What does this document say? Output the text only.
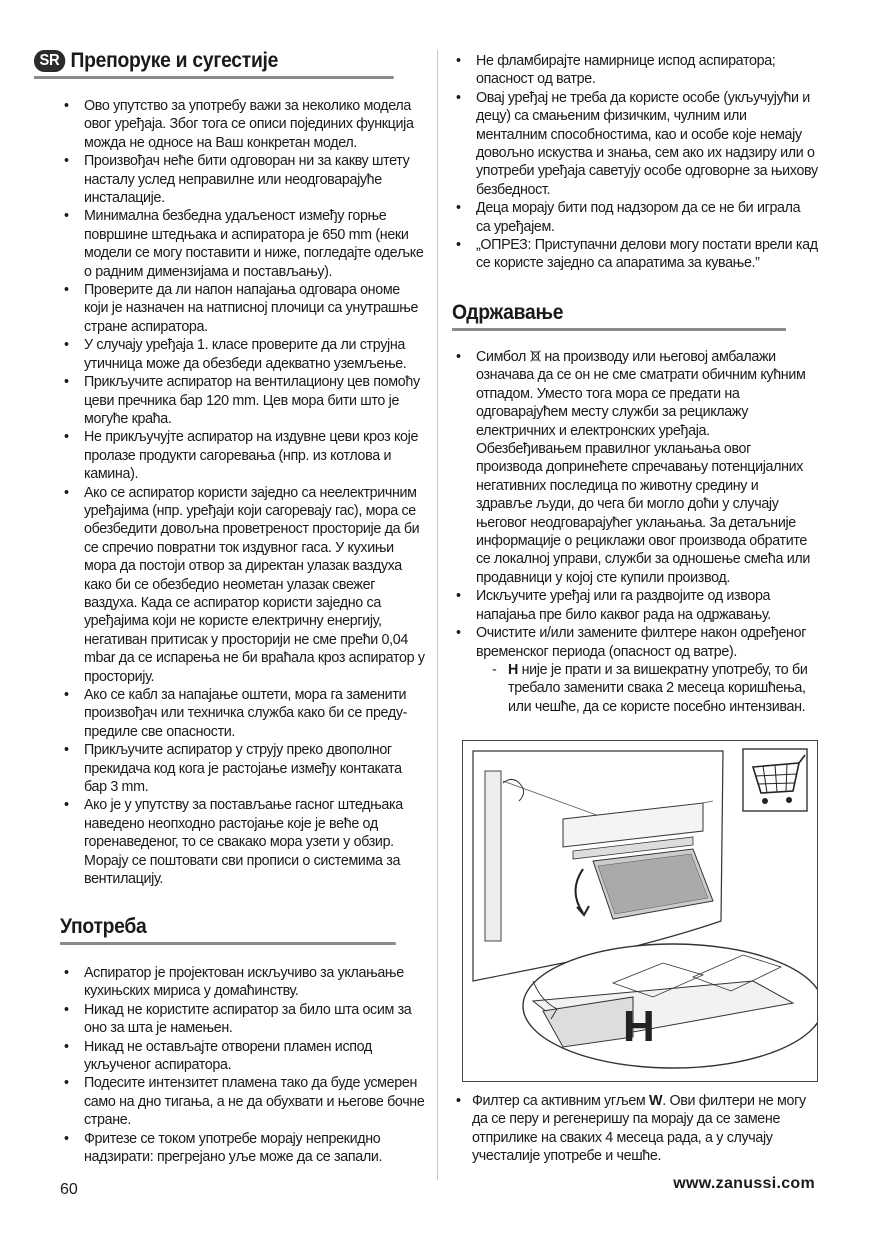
SR Препоруке и сугестије
• Ово упутство за употребу важи за неколико модела овог уређаја. Због тога се описи појединих функција можда не односе на Ваш конкретан модел.
• Произвођач неће бити одговоран ни за какву штету насталу услед неправилне или неодговарајуће инсталације.
• Минимална безбедна удаљеност између горње површине штедњака и аспиратора је 650 mm (неки модели се могу поставити и ниже, погледајте одељке о радним димензијама и постављању).
• Проверите да ли напон напајања одговара ономе који је назначен на натписној плочици са унутрашње стране аспиратора.
• У случају уређаја 1. класе проверите да ли струјна утичница може да обезбеди адекватно уземљење.
• Прикључите аспиратор на вентилациону цев помоћу цеви пречника бар 120 mm. Цев мора бити што је могуће краћа.
• Не прикључујте аспиратор на издувне цеви кроз које пролазе продукти сагоревања (нпр. из котлова и камина).
• Ако се аспиратор користи заједно са неелектричним уређајима (нпр. уређаји који сагоревају гас), мора се обезбедити довољна проветреност просторије да би се спречио повратни ток издувног гаса. У кухињи мора да постоји отвор за директан улазак ваздуха како би се обезбедио неометан улазак свежег ваздуха. Када се аспиратор користи заједно са уређајима који не користе електричну енергију, негативан притисак у просторији не сме прећи 0,04 mbar да се испарења не би враћала кроз аспиратор у просторију.
• Ако се кабл за напајање оштети, мора га заменити произвођач или техничка служба како би се преду-предиле све опасности.
• Прикључите аспиратор у струју преко двополног прекидача код кога је растојање између контаката бар 3 mm.
• Ако је у упутству за постављање гасног штедњака наведено неопходно растојање које је веће од горенаведеног, то се свакако мора узети у обзир. Морају се поштовати сви прописи о системима за вентилацију.
Употреба
• Аспиратор је пројектован искључиво за уклањање кухињских мириса у домаћинству.
• Никад не користите аспиратор за било шта осим за оно за шта је намењен.
• Никад не остављајте отворени пламен испод укљученог аспиратора.
• Подесите интензитет пламена тако да буде усмерен само на дно тигања, а не да обухвати и његове бочне стране.
• Фритезе се током употребе морају непрекидно надзирати: прегрејано уље може да се запали.
• Не фламбирајте намирнице испод аспиратора; опасност од ватре.
• Овај уређај не треба да користе особе (укључујући и децу) са смањеним физичким, чулним или менталним способностима, као и особе које немају довољно искуства и знања, сем ако их надзиру или о употреби уређаја саветују особе одговорне за њихову безбедност.
• Деца морају бити под надзором да се не би играла са уређајем.
• „ОПРЕЗ: Приступачни делови могу постати врели кад се користе заједно са апаратима за кување.”
Одржавање
• Симбол на производу или његовој амбалажи означава да се он не сме сматрати обичним кућним отпадом. Уместо тога мора се предати на одговарајућем месту служби за рециклажу електричних и електронских уређаја. Обезбеђивањем правилног уклањања овог производа допринећете спречавању потенцијалних негативних последица по животну средину и здравље људи, до чега би могло доћи у случају његовог неодговарајућег уклањања. За детаљније информације о рециклажи овог производа обратите се локалној управи, служби за одношење смећа или продавници у којој сте купили производ.
• Искључите уређај или га раздвојите од извора напајања пре било каквог рада на одржавању.
• Очистите и/или замените филтере након одређеног временског периода (опасност од ватре).
- H није је прати и за вишекратну употребу, то би требало заменити свака 2 месеца коришћења, или чешће, да се користе посебно интензиван.
- • Филтер са активним угљем W. Ови филтери не могу да се перу и регенеришу па морају да се замене отприлике на сваких 4 месеца рада, а у случају учесталије употребе и чешће.
H
60	www.zanussi.com
